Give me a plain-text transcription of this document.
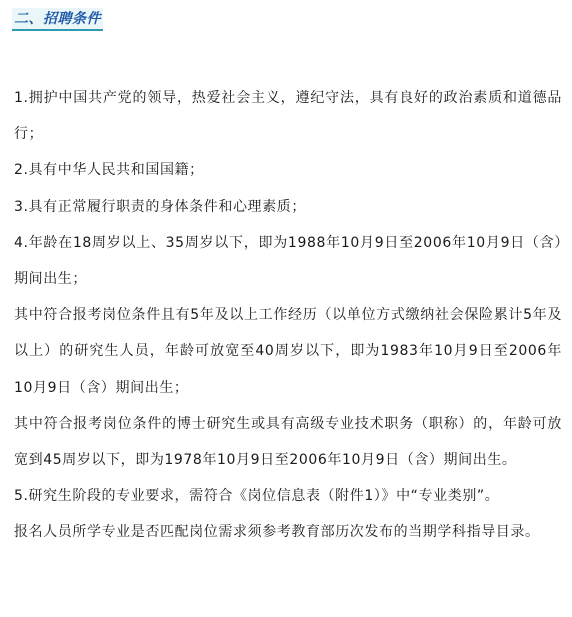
二、招聘条件

1.拥护中国共产党的领导，热爱社会主义，遵纪守法，具有良好的政治素质和道德品行；

2.具有中华人民共和国国籍；

3.具有正常履行职责的身体条件和心理素质；

4.年龄在18周岁以上、35周岁以下，即为1988年10月9日至2006年10月9日（含）期间出生；

其中符合报考岗位条件且有5年及以上工作经历（以单位方式缴纳社会保险累计5年及以上）的研究生人员，年龄可放宽至40周岁以下，即为1983年10月9日至2006年10月9日（含）期间出生；

其中符合报考岗位条件的博士研究生或具有高级专业技术职务（职称）的，年龄可放宽到45周岁以下，即为1978年10月9日至2006年10月9日（含）期间出生。

5.研究生阶段的专业要求，需符合《岗位信息表（附件1）》中“专业类别”。

报名人员所学专业是否匹配岗位需求须参考教育部历次发布的当期学科指导目录。
